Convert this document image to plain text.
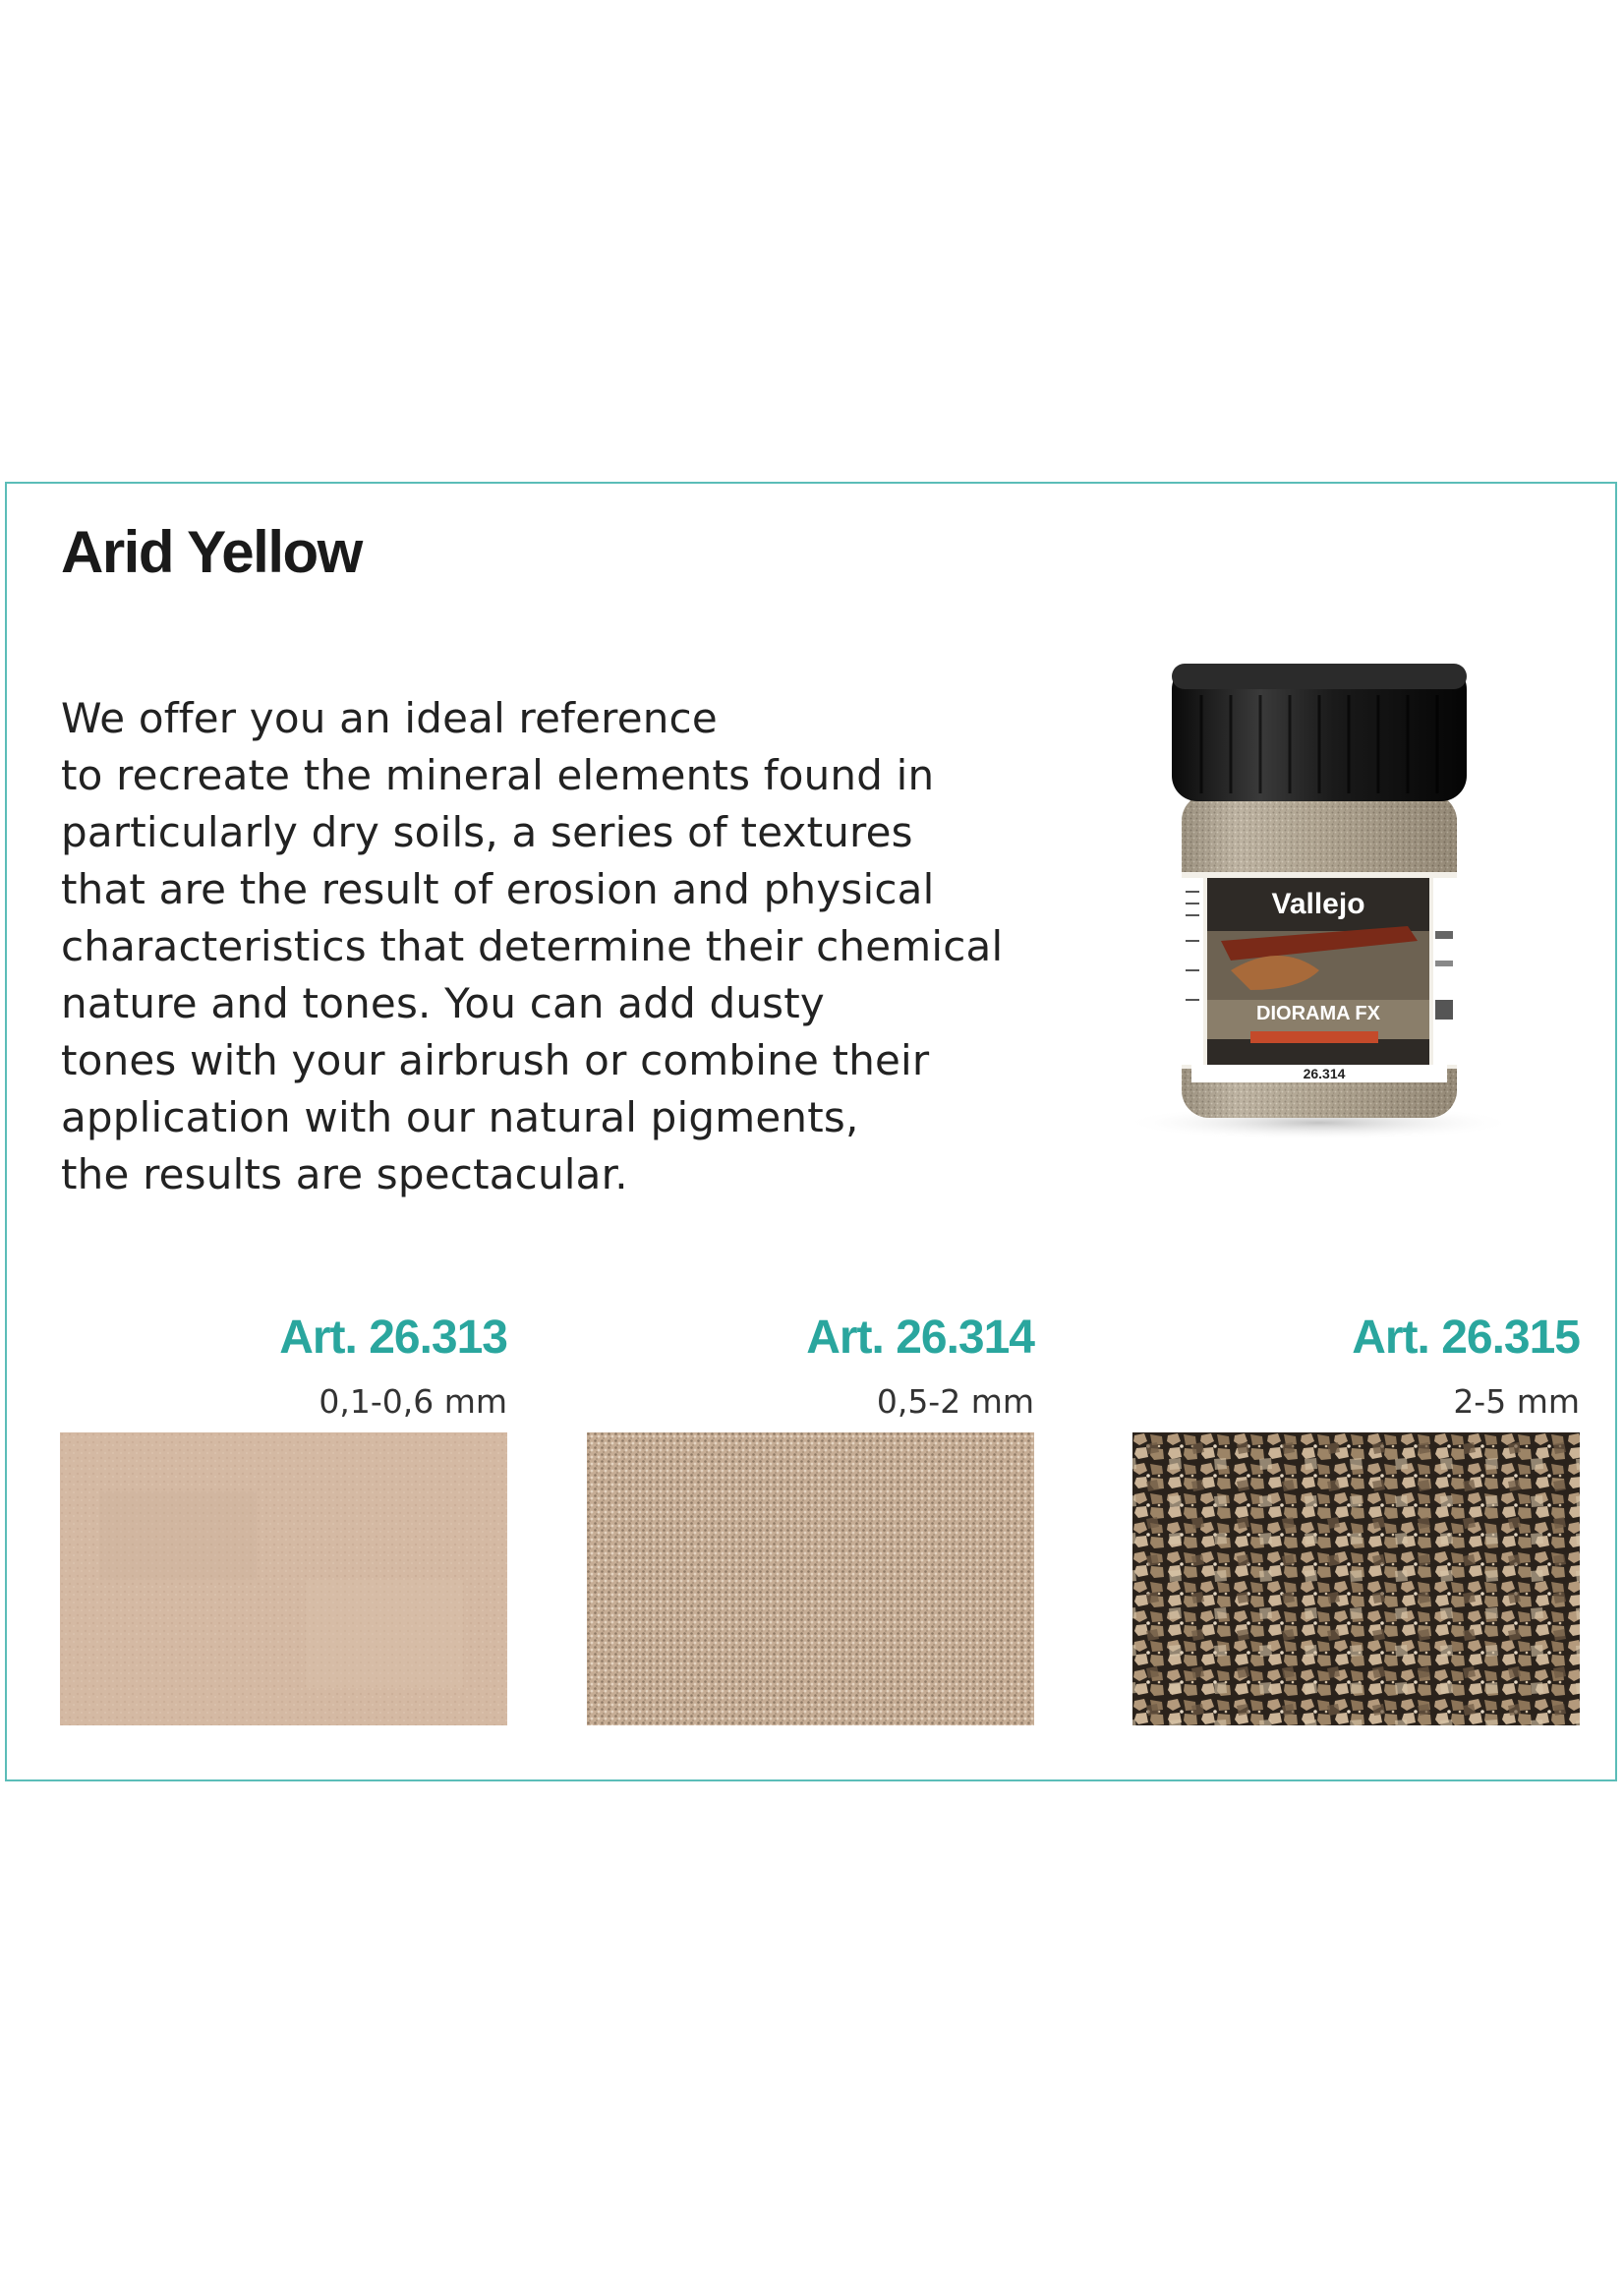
Arid Yellow
We offer you an ideal reference
to recreate the mineral elements found in
particularly dry soils, a series of textures
that are the result of erosion and physical
characteristics that determine their chemical
nature and tones. You can add dusty
tones with your airbrush or combine their
application with our natural pigments,
the results are spectacular.
Vallejo
DIORAMA FX
26.314
Art. 26.313
0,1-0,6 mm
Art. 26.314
0,5-2 mm
Art. 26.315
2-5 mm
